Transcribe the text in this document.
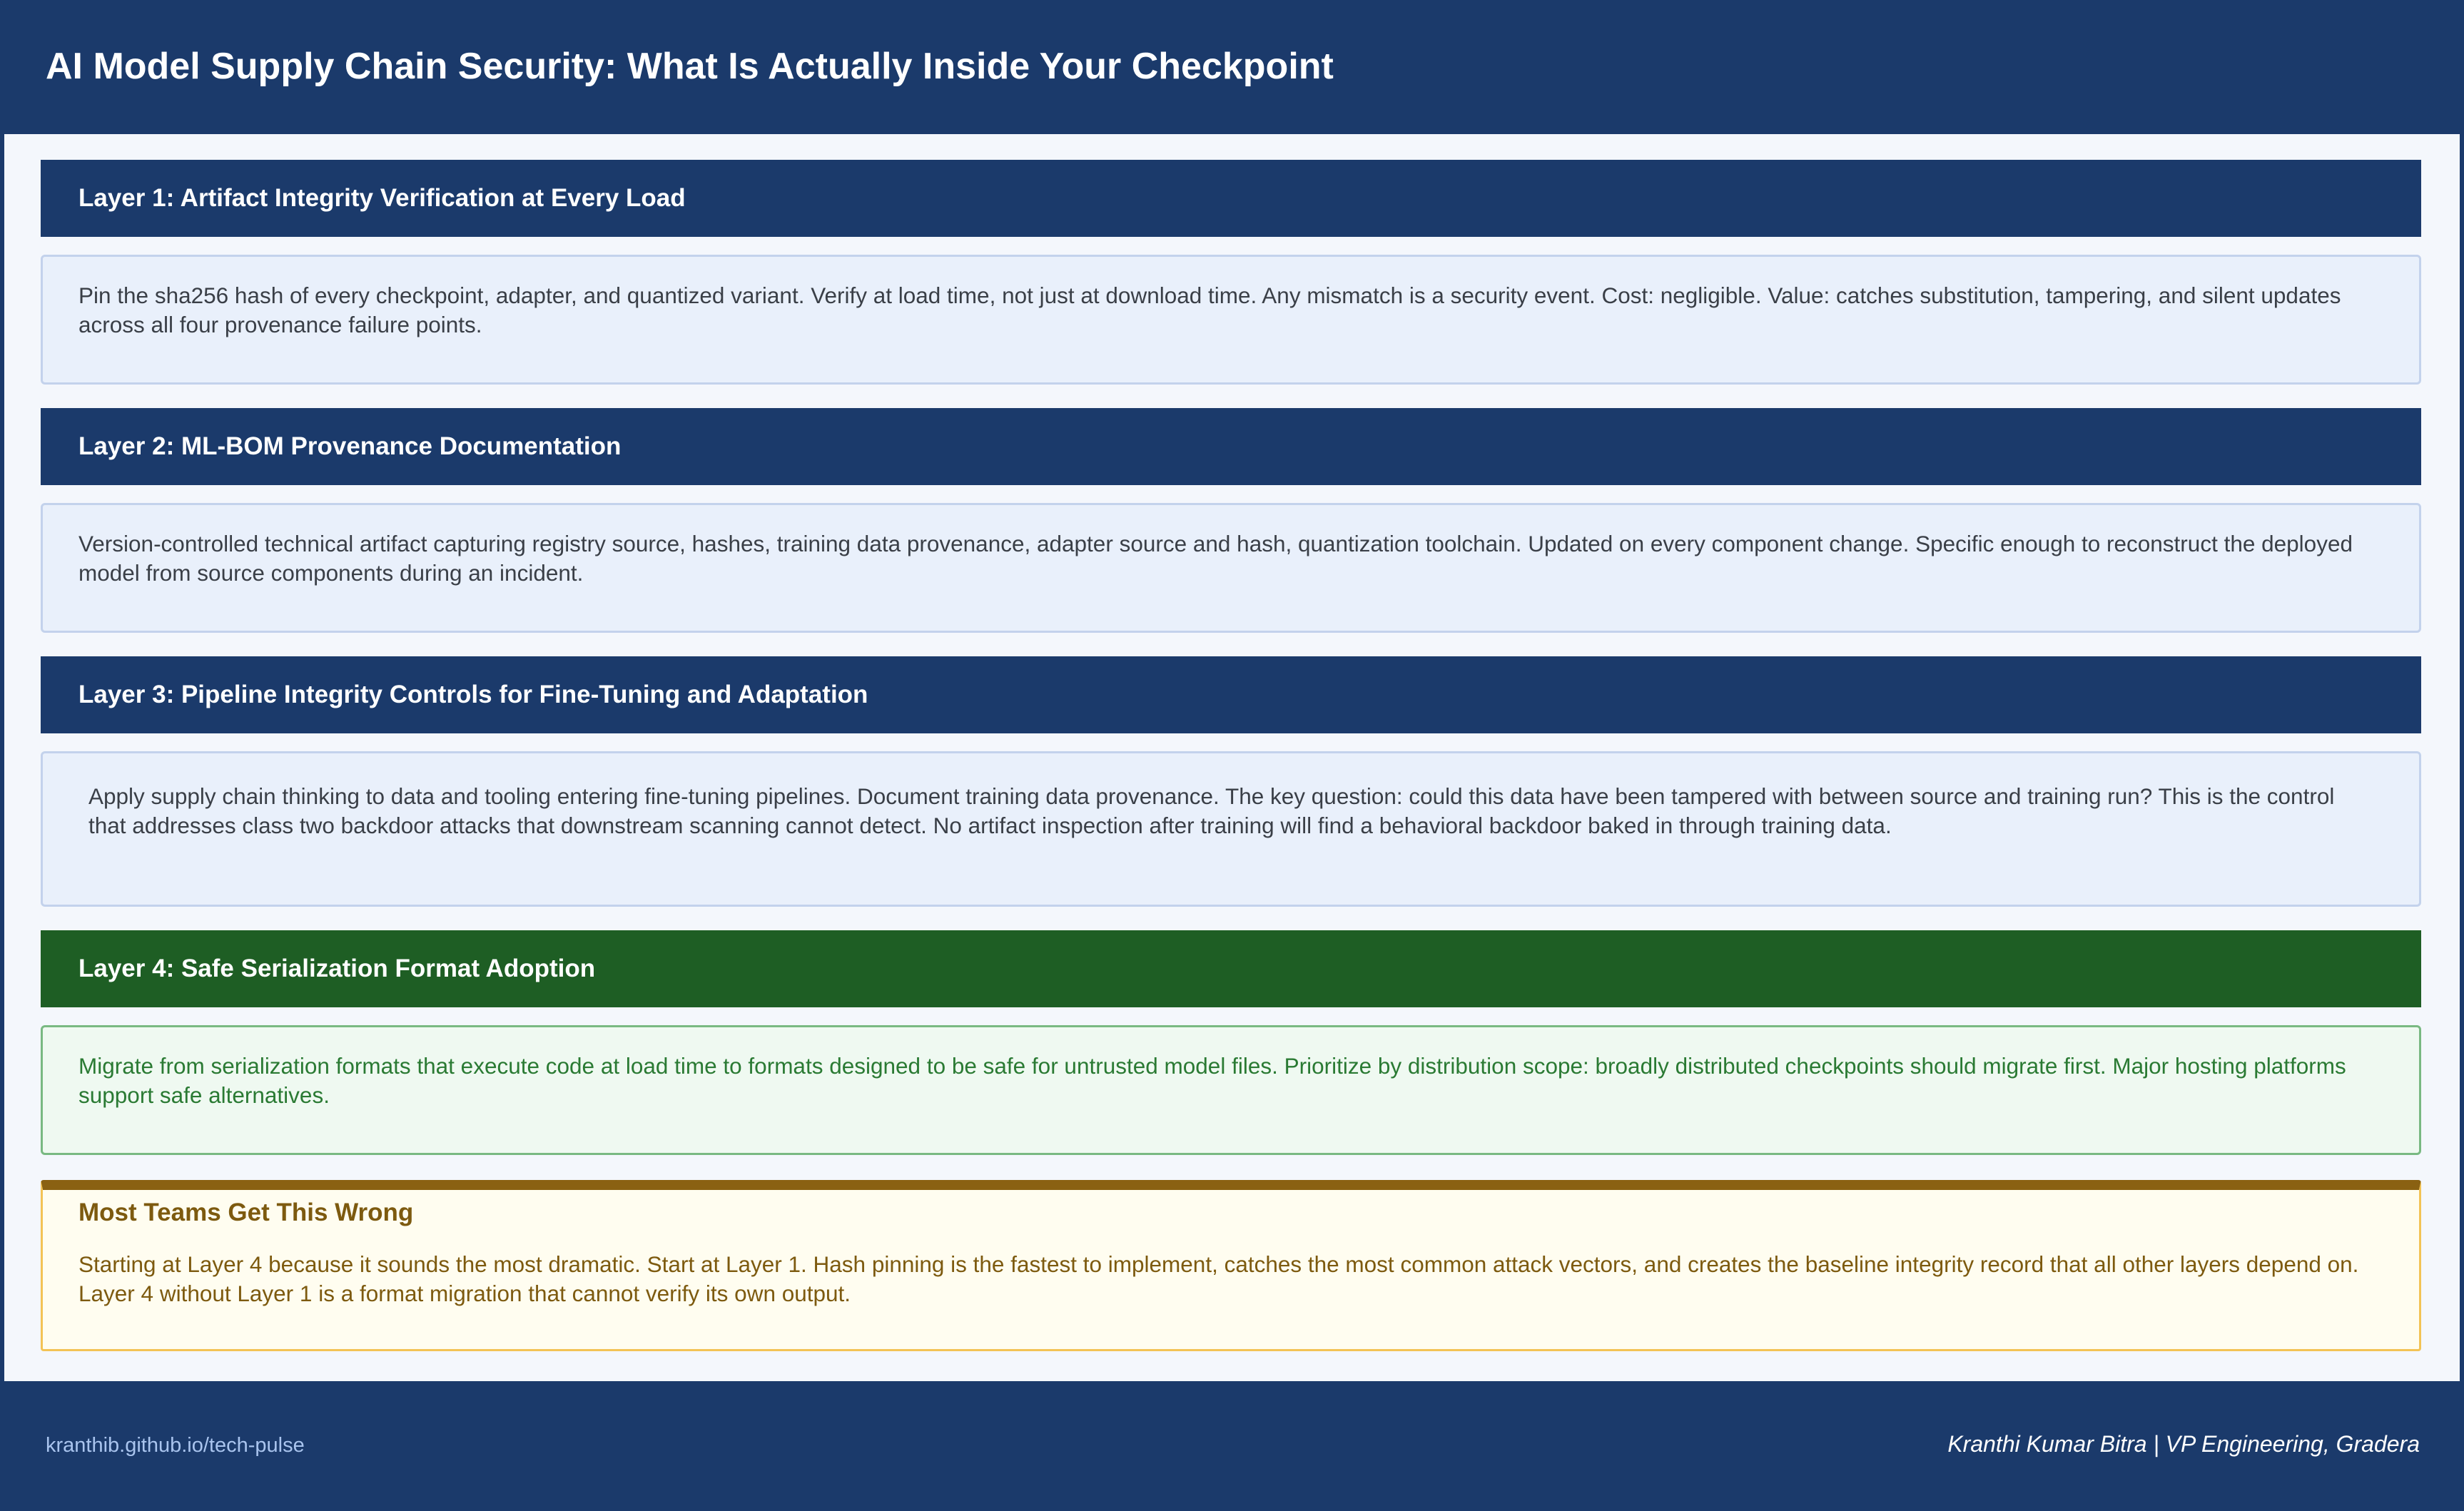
AI Model Supply Chain Security: What Is Actually Inside Your Checkpoint
Layer 1: Artifact Integrity Verification at Every Load
Pin the sha256 hash of every checkpoint, adapter, and quantized variant. Verify at load time, not just at download time. Any mismatch is a security event. Cost: negligible. Value: catches substitution, tampering, and silent updates across all four provenance failure points.
Layer 2: ML-BOM Provenance Documentation
Version-controlled technical artifact capturing registry source, hashes, training data provenance, adapter source and hash, quantization toolchain. Updated on every component change. Specific enough to reconstruct the deployed model from source components during an incident.
Layer 3: Pipeline Integrity Controls for Fine-Tuning and Adaptation
Apply supply chain thinking to data and tooling entering fine-tuning pipelines. Document training data provenance. The key question: could this data have been tampered with between source and training run? This is the control that addresses class two backdoor attacks that downstream scanning cannot detect. No artifact inspection after training will find a behavioral backdoor baked in through training data.
Layer 4: Safe Serialization Format Adoption
Migrate from serialization formats that execute code at load time to formats designed to be safe for untrusted model files. Prioritize by distribution scope: broadly distributed checkpoints should migrate first. Major hosting platforms support safe alternatives.
Most Teams Get This Wrong
Starting at Layer 4 because it sounds the most dramatic. Start at Layer 1. Hash pinning is the fastest to implement, catches the most common attack vectors, and creates the baseline integrity record that all other layers depend on. Layer 4 without Layer 1 is a format migration that cannot verify its own output.
kranthib.github.io/tech-pulse	Kranthi Kumar Bitra | VP Engineering, Gradera
